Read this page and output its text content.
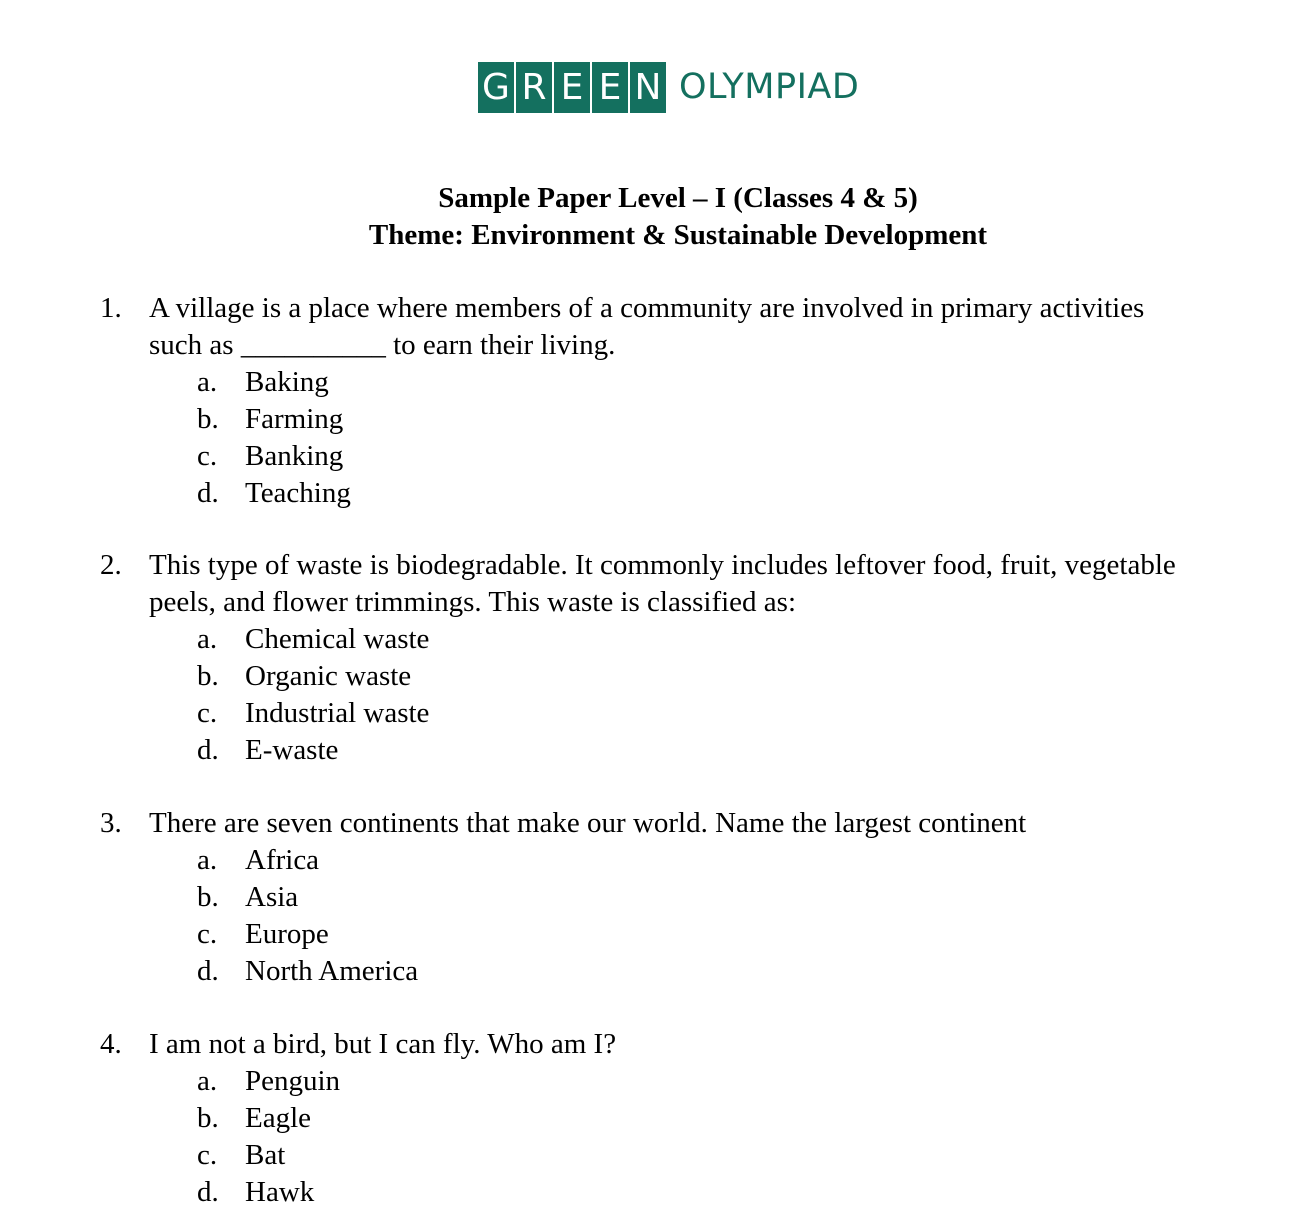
G R E E N OLYMPIAD
Sample Paper Level – I (Classes 4 & 5)
Theme: Environment & Sustainable Development
1. A village is a place where members of a community are involved in primary activities
such as __________ to earn their living.
a. Baking
b. Farming
c. Banking
d. Teaching
2. This type of waste is biodegradable. It commonly includes leftover food, fruit, vegetable
peels, and flower trimmings. This waste is classified as:
a. Chemical waste
b. Organic waste
c. Industrial waste
d. E-waste
3. There are seven continents that make our world. Name the largest continent
a. Africa
b. Asia
c. Europe
d. North America
4. I am not a bird, but I can fly. Who am I?
a. Penguin
b. Eagle
c. Bat
d. Hawk
